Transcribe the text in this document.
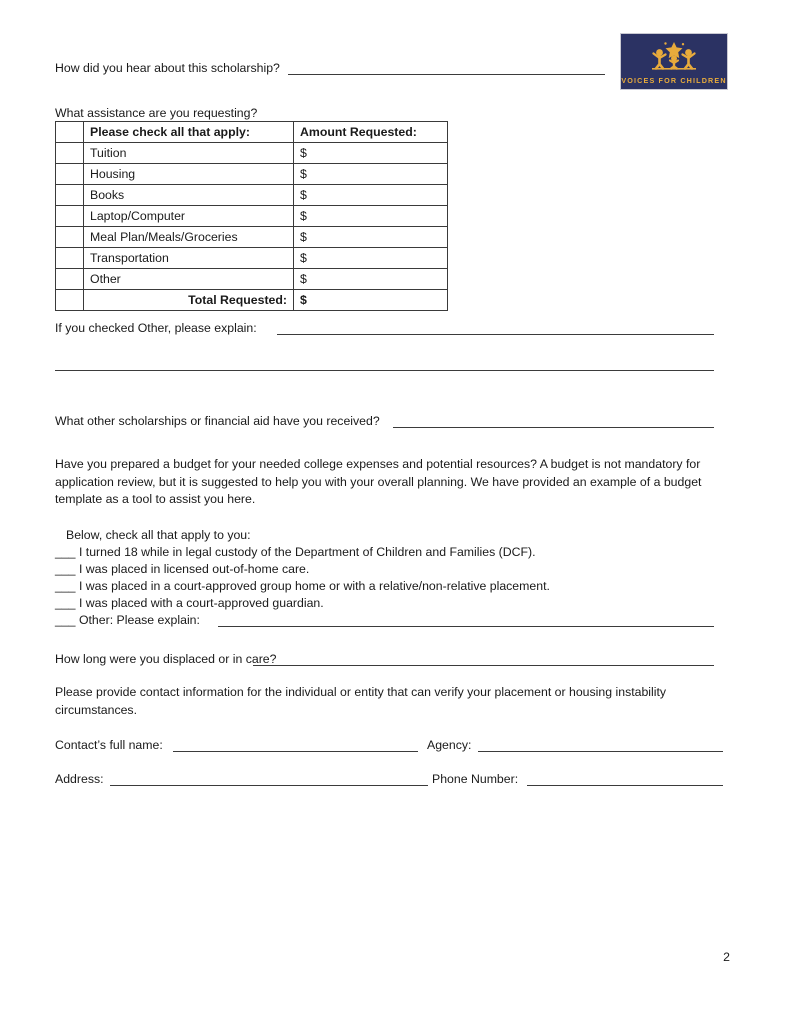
VOICES FOR CHILDREN
How did you hear about this scholarship?
What assistance are you requesting?
	Please check all that apply:	Amount Requested:
	Tuition	$
	Housing	$
	Books	$
	Laptop/Computer	$
	Meal Plan/Meals/Groceries	$
	Transportation	$
	Other	$
	Total Requested:	$
If you checked Other, please explain:
What other scholarships or financial aid have you received?
Have you prepared a budget for your needed college expenses and potential resources? A budget is not mandatory for application review, but it is suggested to help you with your overall planning. We have provided an example of a budget template as a tool to assist you here.
Below, check all that apply to you:
___ I turned 18 while in legal custody of the Department of Children and Families (DCF).
___ I was placed in licensed out-of-home care.
___ I was placed in a court-approved group home or with a relative/non-relative placement.
___ I was placed with a court-approved guardian.
___ Other: Please explain:
How long were you displaced or in care?
Please provide contact information for the individual or entity that can verify your placement or housing instability circumstances.
Contact’s full name:	Agency:
Address:	Phone Number:
2
